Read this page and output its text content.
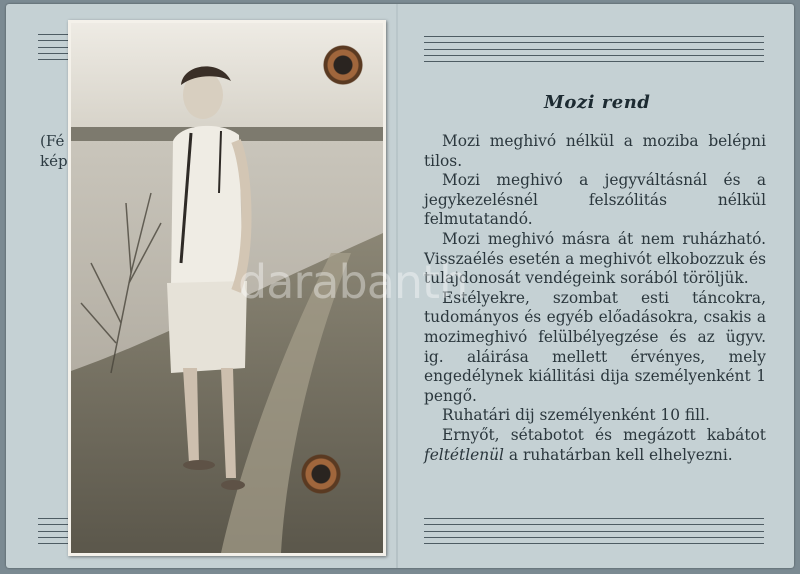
(Fé
kép
Mozi rend

Mozi meghivó nélkül a moziba belépni tilos.

Mozi meghivó a jegyváltásnál és a jegykezelésnél felszólitás nélkül felmutatandó.

Mozi meghivó másra át nem ruházható. Visszaélés esetén a meghivót elkobozzuk és tulajdonosát vendégeink sorából töröljük.

Estélyekre, szombat esti táncokra, tudományos és egyéb előadásokra, csakis a mozimeghivó felülbélyegzése és az ügyv. ig. aláirása mellett érvényes, mely engedélynek kiállitási dija személyenként 1 pengő.

Ruhatári dij személyenként 10 fill.

Ernyőt, sétabotot és megázott kabátot feltétlenül a ruhatárban kell elhelyezni.

darabanth
